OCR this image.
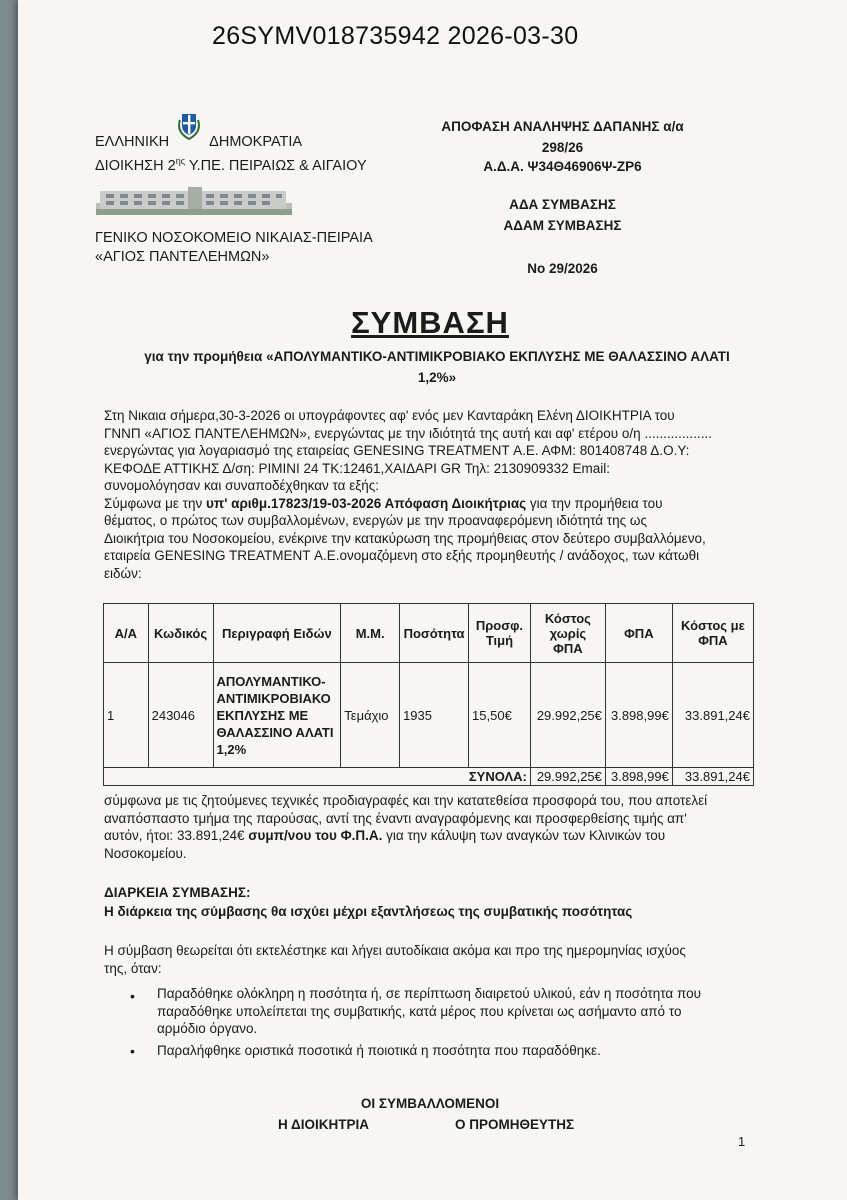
26SYMV018735942 2026-03-30
ΕΛΛΗΝΙΚΗ	ΔΗΜΟΚΡΑΤΙΑ
ΔΙΟΙΚΗΣΗ $2^{\eta\varsigma}$ Υ.ΠΕ. ΠΕΙΡΑΙΩΣ & ΑΙΓΑΙΟΥ
ΓΕΝΙΚΟ ΝΟΣΟΚΟΜΕΙΟ ΝΙΚΑΙΑΣ-ΠΕΙΡΑΙΑ
«ΑΓΙΟΣ ΠΑΝΤΕΛΕΗΜΩΝ»
ΑΠΟΦΑΣΗ ΑΝΑΛΗΨΗΣ ΔΑΠΑΝΗΣ α/α
298/26
Α.Δ.Α. Ψ34Θ46906Ψ-ΖΡ6
ΑΔΑ ΣΥΜΒΑΣΗΣ
ΑΔΑΜ ΣΥΜΒΑΣΗΣ
Νο 29/2026
ΣΥΜΒΑΣΗ
για την προμήθεια «ΑΠΟΛΥΜΑΝΤΙΚΟ-ΑΝΤΙΜΙΚΡΟΒΙΑΚΟ ΕΚΠΛΥΣΗΣ ΜΕ ΘΑΛΑΣΣΙΝΟ ΑΛΑΤΙ
1,2%»
Στη Νικαια σήμερα,30-3-2026 οι υπογράφοντες αφ' ενός μεν Κανταράκη Ελένη ΔΙΟΙΚΗΤΡΙΑ του
ΓΝΝΠ «ΑΓΙΟΣ ΠΑΝΤΕΛΕΗΜΩΝ», ενεργώντας με την ιδιότητά της αυτή και αφ' ετέρου ο/η ..................
ενεργώντας για λογαριασμό της εταιρείας GENESING TREATMENT Α.Ε. ΑΦΜ: 801408748 Δ.Ο.Υ:
ΚΕΦΟΔΕ ΑΤΤΙΚΗΣ Δ/ση: ΡΙΜΙΝΙ 24 ΤΚ:12461,ΧΑΙΔΑΡΙ GR Τηλ: 2130909332 Email:
συνομολόγησαν και συναποδέχθηκαν τα εξής:
Σύμφωνα με την υπ' αριθμ.17823/19-03-2026 Απόφαση Διοικήτριας για την προμήθεια του
θέματος, ο πρώτος των συμβαλλομένων, ενεργών με την προαναφερόμενη ιδιότητά της ως
Διοικήτρια του Νοσοκομείου, ενέκρινε την κατακύρωση της προμήθειας στον δεύτερο συμβαλλόμενο,
εταιρεία GENESING TREATMENT Α.Ε.ονομαζόμενη στο εξής προμηθευτής / ανάδοχος, των κάτωθι
ειδών:
Α/Α	Κωδικός	Περιγραφή Ειδών	Μ.Μ.	Ποσότητα	Προσφ. Τιμή	Κόστος χωρίς ΦΠΑ	ΦΠΑ	Κόστος με ΦΠΑ
1	243046	ΑΠΟΛΥΜΑΝΤΙΚΟ-ΑΝΤΙΜΙΚΡΟΒΙΑΚΟ ΕΚΠΛΥΣΗΣ ΜΕ ΘΑΛΑΣΣΙΝΟ ΑΛΑΤΙ 1,2%	Τεμάχιο	1935	15,50€	29.992,25€	3.898,99€	33.891,24€
ΣΥΝΟΛΑ:						29.992,25€	3.898,99€	33.891,24€
σύμφωνα με τις ζητούμενες τεχνικές προδιαγραφές και την κατατεθείσα προσφορά του, που αποτελεί
αναπόσπαστο τμήμα της παρούσας, αντί της έναντι αναγραφόμενης και προσφερθείσης τιμής απ'
αυτόν, ήτοι: 33.891,24€ συμπ/νου του Φ.Π.Α. για την κάλυψη των αναγκών των Κλινικών του
Νοσοκομείου.
ΔΙΑΡΚΕΙΑ ΣΥΜΒΑΣΗΣ:
Η διάρκεια της σύμβασης θα ισχύει μέχρι εξαντλήσεως της συμβατικής ποσότητας
Η σύμβαση θεωρείται ότι εκτελέστηκε και λήγει αυτοδίκαια ακόμα και προ της ημερομηνίας ισχύος
της, όταν:
• Παραδόθηκε ολόκληρη η ποσότητα ή, σε περίπτωση διαιρετού υλικού, εάν η ποσότητα που
παραδόθηκε υπολείπεται της συμβατικής, κατά μέρος που κρίνεται ως ασήμαντο από το
αρμόδιο όργανο.
• Παραλήφθηκε οριστικά ποσοτικά ή ποιοτικά η ποσότητα που παραδόθηκε.
ΟΙ ΣΥΜΒΑΛΛΟΜΕΝΟΙ
Η ΔΙΟΙΚΗΤΡΙΑ	Ο ΠΡΟΜΗΘΕΥΤΗΣ
1
